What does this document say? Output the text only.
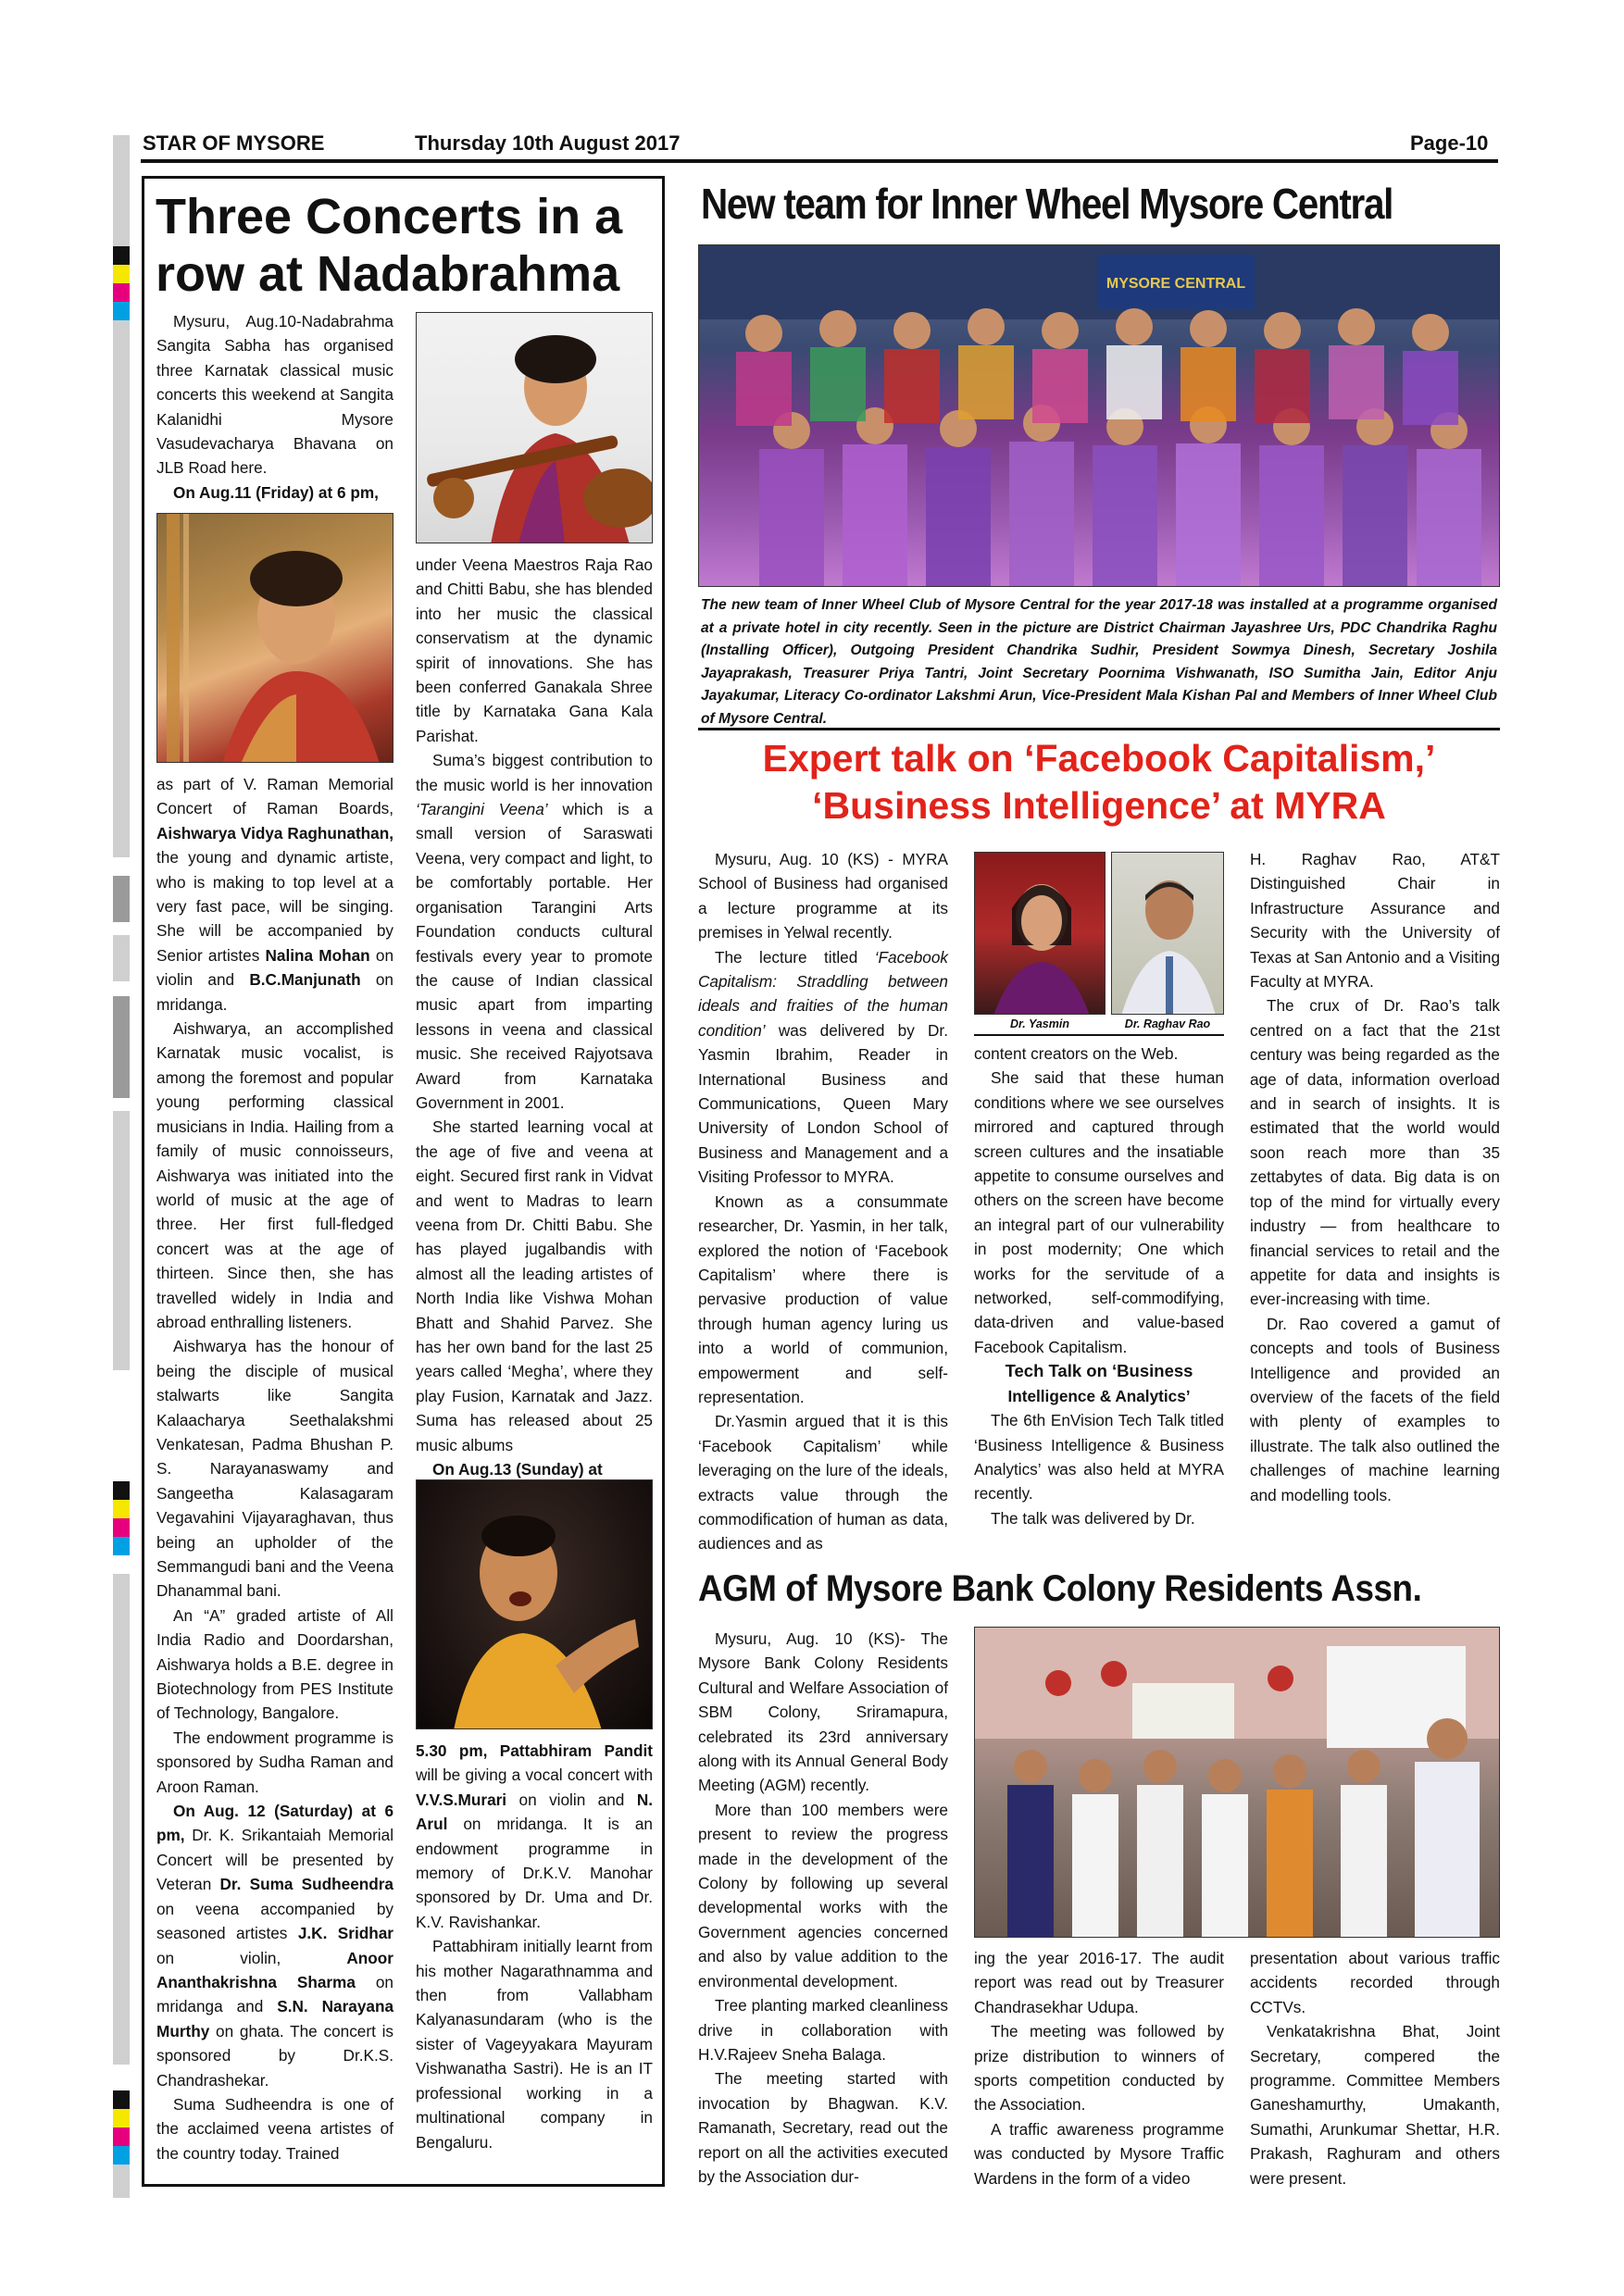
STAR OF MYSORE	Thursday 10th August 2017	Page-10
Three Concerts in a row at Nadabrahma

Mysuru, Aug.10-Nadabrahma Sangita Sabha has organised three Karnatak classical music concerts this weekend at Sangita Kalanidhi Mysore Vasudevacharya Bhavana on JLB Road here.

On Aug.11 (Friday) at 6 pm,

as part of V. Raman Memorial Concert of Raman Boards, Aishwarya Vidya Raghunathan, the young and dynamic artiste, who is making to top level at a very fast pace, will be singing. She will be accompanied by Senior artistes Nalina Mohan on violin and B.C.Manjunath on mridanga.

Aishwarya, an accomplished Karnatak music vocalist, is among the foremost and popular young performing classical musicians in India. Hailing from a family of music connoisseurs, Aishwarya was initiated into the world of music at the age of three. Her first full-fledged concert was at the age of thirteen. Since then, she has travelled widely in India and abroad enthralling listeners.

Aishwarya has the honour of being the disciple of musical stalwarts like Sangita Kalaacharya Seethalakshmi Venkatesan, Padma Bhushan P. S. Narayanaswamy and Sangeetha Kalasagaram Vegavahini Vijayaraghavan, thus being an upholder of the Semmangudi bani and the Veena Dhanammal bani.

An “A” graded artiste of All India Radio and Doordarshan, Aishwarya holds a B.E. degree in Biotechnology from PES Institute of Technology, Bangalore.

The endowment programme is sponsored by Sudha Raman and Aroon Raman.

On Aug. 12 (Saturday) at 6 pm, Dr. K. Srikantaiah Memorial Concert will be presented by Veteran Dr. Suma Sudheendra on veena accompanied by seasoned artistes J.K. Sridhar on violin,	Anoor Ananthakrishna Sharma on mridanga and S.N. Narayana Murthy on ghata. The concert is sponsored by Dr.K.S. Chandrashekar.

Suma Sudheendra is one of the acclaimed veena artistes of the country today. Trained

under Veena Maestros Raja Rao and Chitti Babu, she has blended into her music the classical conservatism at the dynamic spirit of innovations. She has been conferred Ganakala Shree title by Karnataka Gana Kala Parishat.

Suma’s biggest contribution to the music world is her innovation ‘Tarangini Veena’ which is a small version of Saraswati Veena, very compact and light, to be comfortably portable. Her organisation Tarangini Arts Foundation conducts cultural festivals every year to promote the cause of Indian classical music apart from imparting lessons in veena and classical music. She received Rajyotsava Award from Karnataka Government in 2001.

She started learning vocal at the age of five and veena at eight. Secured first rank in Vidvat and went to Madras to learn veena from Dr. Chitti Babu. She has played jugalbandis with almost all the leading artistes of North India like Vishwa Mohan Bhatt and Shahid Parvez. She has her own band for the last 25 years called ‘Megha’, where they play Fusion, Karnatak and Jazz. Suma has released about 25 music albums

On Aug.13 (Sunday) at

5.30 pm, Pattabhiram Pandit will be giving a vocal concert with V.V.S.Murari on violin and N. Arul on mridanga. It is an endowment programme in memory of Dr.K.V. Manohar sponsored by Dr. Uma and Dr. K.V. Ravishankar.

Pattabhiram initially learnt from his mother Nagarathnamma and then from Vallabham Kalyanasundaram (who is the sister of Vageyyakara Mayuram Vishwanatha Sastri). He is an IT professional working in a multinational company in Bengaluru.

New team for Inner Wheel Mysore Central
MYSORE CENTRAL
The new team of Inner Wheel Club of Mysore Central for the year 2017-18 was installed at a programme organised at a private hotel in city recently. Seen in the picture are District Chairman Jayashree Urs, PDC Chandrika Raghu (Installing Officer), Outgoing President Chandrika Sudhir, President Sowmya Dinesh, Secretary Joshila Jayaprakash, Treasurer Priya Tantri, Joint Secretary Poornima Vishwanath, ISO Sumitha Jain, Editor Anju Jayakumar, Literacy Co-ordinator Lakshmi Arun, Vice-President Mala Kishan Pal and Members of Inner Wheel Club of Mysore Central.
Expert talk on ‘Facebook Capitalism,’
‘Business Intelligence’ at MYRA

Mysuru, Aug. 10 (KS) - MYRA School of Business had organised a lecture programme at its premises in Yelwal recently.

The lecture titled ‘Facebook Capitalism: Straddling between ideals and fraities of the human condition’ was delivered by Dr. Yasmin Ibrahim, Reader in International Business and Communications, Queen Mary University of London School of Business and Management and a Visiting Professor to MYRA.

Known as a consummate researcher, Dr. Yasmin, in her talk, explored the notion of ‘Facebook Capitalism’ where there is pervasive production of value through human agency luring us into a world of communion, empowerment and self-representation.

Dr.Yasmin argued that it is this ‘Facebook Capitalism’ while leveraging on the lure of the ideals, extracts value through the commodification of human as data, audiences and as

Dr. Yasmin	Dr. Raghav Rao

content creators on the Web.

She said that these human conditions where we see ourselves mirrored and captured through screen cultures and the insatiable appetite to consume ourselves and others on the screen have become an integral part of our vulnerability in post modernity; One which works for the servitude of a networked, self-commodifying, data-driven and value-based Facebook Capitalism.

Tech Talk on ‘Business

Intelligence & Analytics’

The 6th EnVision Tech Talk titled ‘Business Intelligence & Business Analytics’ was also held at MYRA recently.

The talk was delivered by Dr.

H. Raghav Rao, AT&T Distinguished Chair in Infrastructure Assurance and Security with the University of Texas at San Antonio and a Visiting Faculty at MYRA.

The crux of Dr. Rao’s talk centred on a fact that the 21st century was being regarded as the age of data, information overload and in search of insights. It is estimated that the world would soon reach more than 35 zettabytes of data. Big data is on top of the mind for virtually every industry — from healthcare to financial services to retail and the appetite for data and insights is ever-increasing with time.

Dr. Rao covered a gamut of concepts and tools of Business Intelligence and provided an overview of the facets of the field with plenty of examples to illustrate. The talk also outlined the challenges of machine learning and modelling tools.

AGM of Mysore Bank Colony Residents Assn.

Mysuru, Aug. 10 (KS)- The Mysore Bank Colony Residents Cultural and Welfare Association of SBM Colony, Sriramapura, celebrated its 23rd anniversary along with its Annual General Body Meeting (AGM) recently.

More than 100 members were present to review the progress made in the development of the Colony by following up several developmental works with the Government agencies concerned and also by value addition to the environmental development.

Tree planting marked cleanliness drive in collaboration with H.V.Rajeev Sneha Balaga.

The meeting started with invocation by Bhagwan. K.V. Ramanath, Secretary, read out the report on all the activities executed by the Association dur-

ing the year 2016-17. The audit report was read out by Treasurer Chandrasekhar Udupa.

The meeting was followed by prize distribution to winners of sports competition conducted by the Association.

A traffic awareness programme was conducted by Mysore Traffic Wardens in the form of a video

presentation about various traffic accidents recorded through CCTVs.

Venkatakrishna Bhat, Joint Secretary, compered the programme. Committee Members Ganeshamurthy, Umakanth, Sumathi, Arunkumar Shettar, H.R. Prakash, Raghuram and others were present.
